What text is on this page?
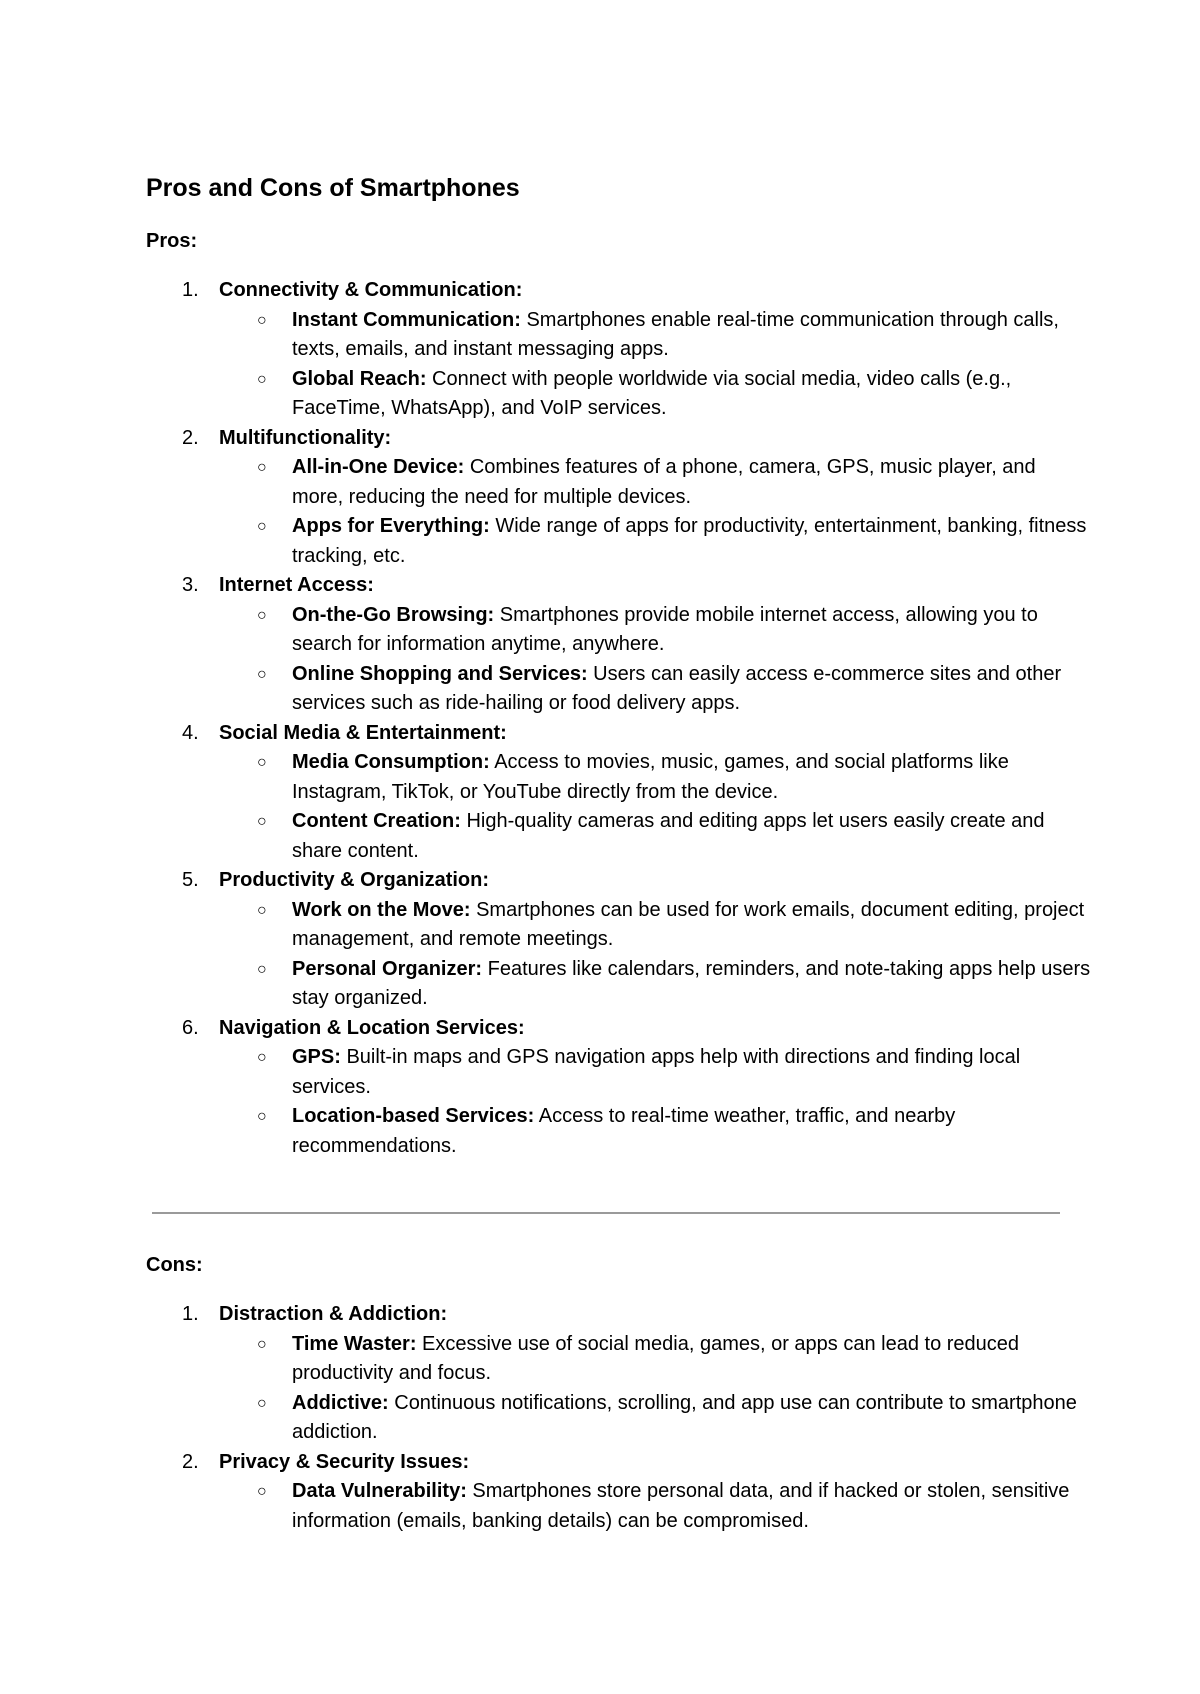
Pros and Cons of Smartphones
Pros:
1. Connectivity & Communication:
○ Instant Communication: Smartphones enable real-time communication through calls, texts, emails, and instant messaging apps.
○ Global Reach: Connect with people worldwide via social media, video calls (e.g., FaceTime, WhatsApp), and VoIP services.
2. Multifunctionality:
○ All-in-One Device: Combines features of a phone, camera, GPS, music player, and more, reducing the need for multiple devices.
○ Apps for Everything: Wide range of apps for productivity, entertainment, banking, fitness tracking, etc.
3. Internet Access:
○ On-the-Go Browsing: Smartphones provide mobile internet access, allowing you to search for information anytime, anywhere.
○ Online Shopping and Services: Users can easily access e-commerce sites and other services such as ride-hailing or food delivery apps.
4. Social Media & Entertainment:
○ Media Consumption: Access to movies, music, games, and social platforms like Instagram, TikTok, or YouTube directly from the device.
○ Content Creation: High-quality cameras and editing apps let users easily create and share content.
5. Productivity & Organization:
○ Work on the Move: Smartphones can be used for work emails, document editing, project management, and remote meetings.
○ Personal Organizer: Features like calendars, reminders, and note-taking apps help users stay organized.
6. Navigation & Location Services:
○ GPS: Built-in maps and GPS navigation apps help with directions and finding local services.
○ Location-based Services: Access to real-time weather, traffic, and nearby recommendations.
Cons:
1. Distraction & Addiction:
○ Time Waster: Excessive use of social media, games, or apps can lead to reduced productivity and focus.
○ Addictive: Continuous notifications, scrolling, and app use can contribute to smartphone addiction.
2. Privacy & Security Issues:
○ Data Vulnerability: Smartphones store personal data, and if hacked or stolen, sensitive information (emails, banking details) can be compromised.
